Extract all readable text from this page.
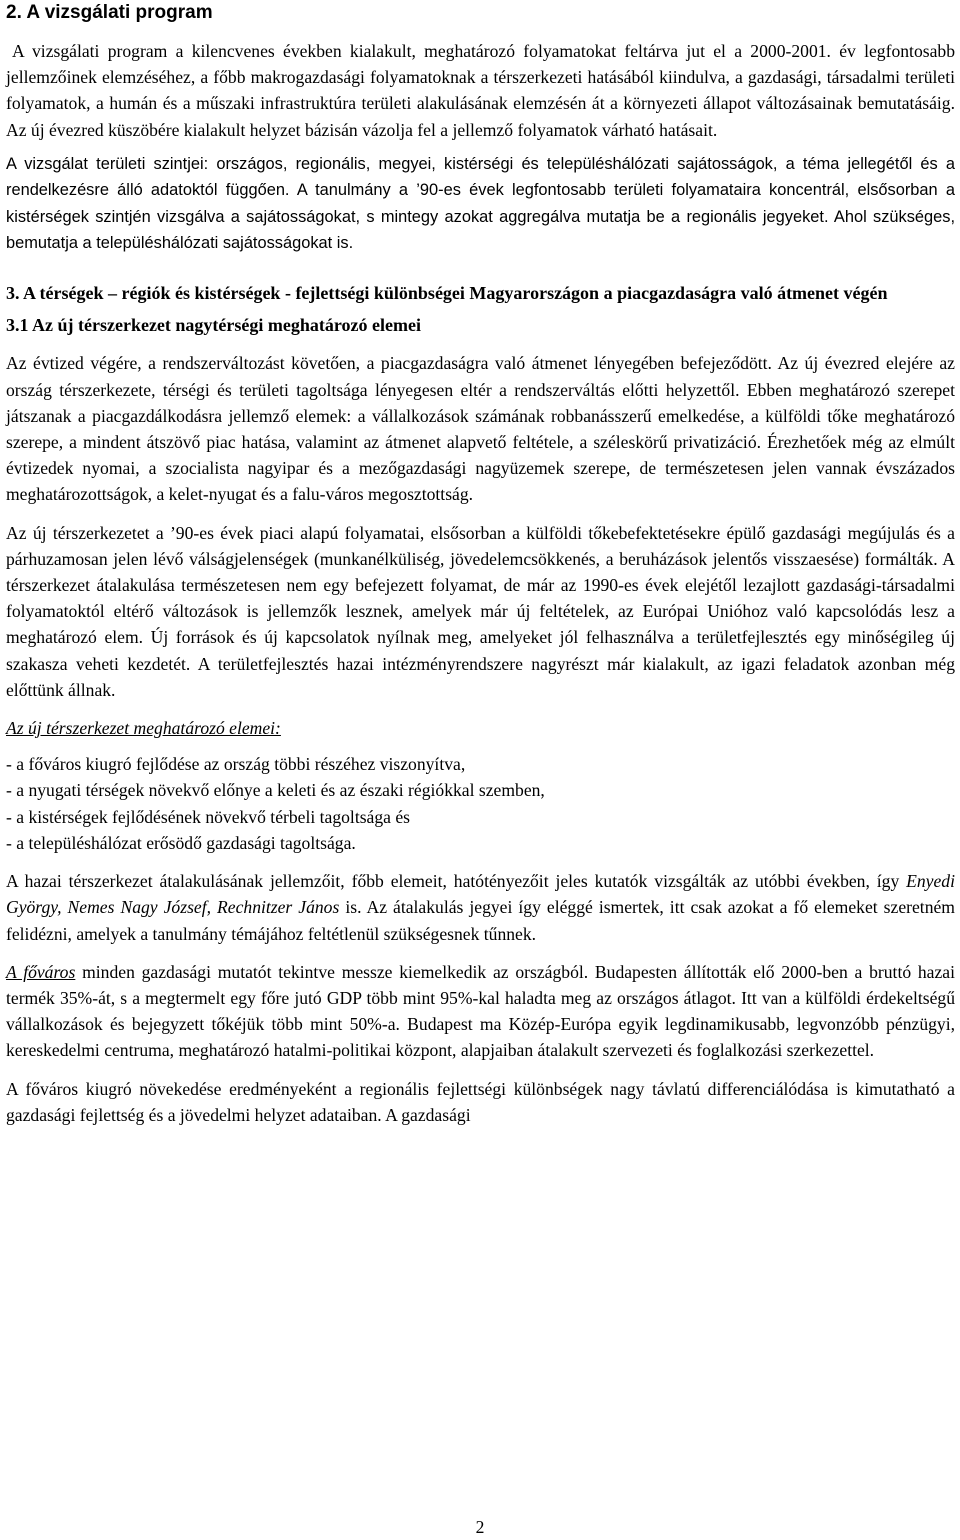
2. A vizsgálati program

A vizsgálati program a kilencvenes években kialakult, meghatározó folyamatokat feltárva jut el a 2000-2001. év legfontosabb jellemzőinek elemzéséhez, a főbb makrogazdasági folyamatoknak a térszerkezeti hatásából kiindulva, a gazdasági, társadalmi területi folyamatok, a humán és a műszaki infrastruktúra területi alakulásának elemzésén át a környezeti állapot változásainak bemutatásáig. Az új évezred küszöbére kialakult helyzet bázisán vázolja fel a jellemző folyamatok várható hatásait.

A vizsgálat területi szintjei: országos, regionális, megyei, kistérségi és településhálózati sajátosságok, a téma jellegétől és a rendelkezésre álló adatoktól függően. A tanulmány a ’90-es évek legfontosabb területi folyamataira koncentrál, elsősorban a kistérségek szintjén vizsgálva a sajátosságokat, s mintegy azokat aggregálva mutatja be a regionális jegyeket. Ahol szükséges, bemutatja a településhálózati sajátosságokat is.

3. A térségek – régiók és kistérségek - fejlettségi különbségei Magyarországon a piacgazdaságra való átmenet végén
3.1 Az új térszerkezet nagytérségi meghatározó elemei

Az évtized végére, a rendszerváltozást követően, a piacgazdaságra való átmenet lényegében befejeződött. Az új évezred elejére az ország térszerkezete, térségi és területi tagoltsága lényegesen eltér a rendszerváltás előtti helyzettől. Ebben meghatározó szerepet játszanak a piacgazdálkodásra jellemző elemek: a vállalkozások számának robbanásszerű emelkedése, a külföldi tőke meghatározó szerepe, a mindent átszövő piac hatása, valamint az átmenet alapvető feltétele, a széleskörű privatizáció. Érezhetőek még az elmúlt évtizedek nyomai, a szocialista nagyipar és a mezőgazdasági nagyüzemek szerepe, de természetesen jelen vannak évszázados meghatározottságok, a kelet-nyugat és a falu-város megosztottság.

Az új térszerkezetet a ’90-es évek piaci alapú folyamatai, elsősorban a külföldi tőkebefektetésekre épülő gazdasági megújulás és a párhuzamosan jelen lévő válságjelenségek (munkanélküliség, jövedelemcsökkenés, a beruházások jelentős visszaesése) formálták. A térszerkezet átalakulása természetesen nem egy befejezett folyamat, de már az 1990-es évek elejétől lezajlott gazdasági-társadalmi folyamatoktól eltérő változások is jellemzők lesznek, amelyek már új feltételek, az Európai Unióhoz való kapcsolódás lesz a meghatározó elem. Új források és új kapcsolatok nyílnak meg, amelyeket jól felhasználva a területfejlesztés egy minőségileg új szakasza veheti kezdetét. A területfejlesztés hazai intézményrendszere nagyrészt már kialakult, az igazi feladatok azonban még előttünk állnak.

Az új térszerkezet meghatározó elemei:

- a főváros kiugró fejlődése az ország többi részéhez viszonyítva,
- a nyugati térségek növekvő előnye a keleti és az északi régiókkal szemben,
- a kistérségek fejlődésének növekvő térbeli tagoltsága és
- a településhálózat erősödő gazdasági tagoltsága.

A hazai térszerkezet átalakulásának jellemzőit, főbb elemeit, hatótényezőit jeles kutatók vizsgálták az utóbbi években, így Enyedi György, Nemes Nagy József, Rechnitzer János is. Az átalakulás jegyei így eléggé ismertek, itt csak azokat a fő elemeket szeretném felidézni, amelyek a tanulmány témájához feltétlenül szükségesnek tűnnek.

A főváros minden gazdasági mutatót tekintve messze kiemelkedik az országból. Budapesten állították elő 2000-ben a bruttó hazai termék 35%-át, s a megtermelt egy főre jutó GDP több mint 95%-kal haladta meg az országos átlagot. Itt van a külföldi érdekeltségű vállalkozások és bejegyzett tőkéjük több mint 50%-a. Budapest ma Közép-Európa egyik legdinamikusabb, legvonzóbb pénzügyi, kereskedelmi centruma, meghatározó hatalmi-politikai központ, alapjaiban átalakult szervezeti és foglalkozási szerkezettel.

A főváros kiugró növekedése eredményeként a regionális fejlettségi különbségek nagy távlatú differenciálódása is kimutatható a gazdasági fejlettség és a jövedelmi helyzet adataiban. A gazdasági

2
